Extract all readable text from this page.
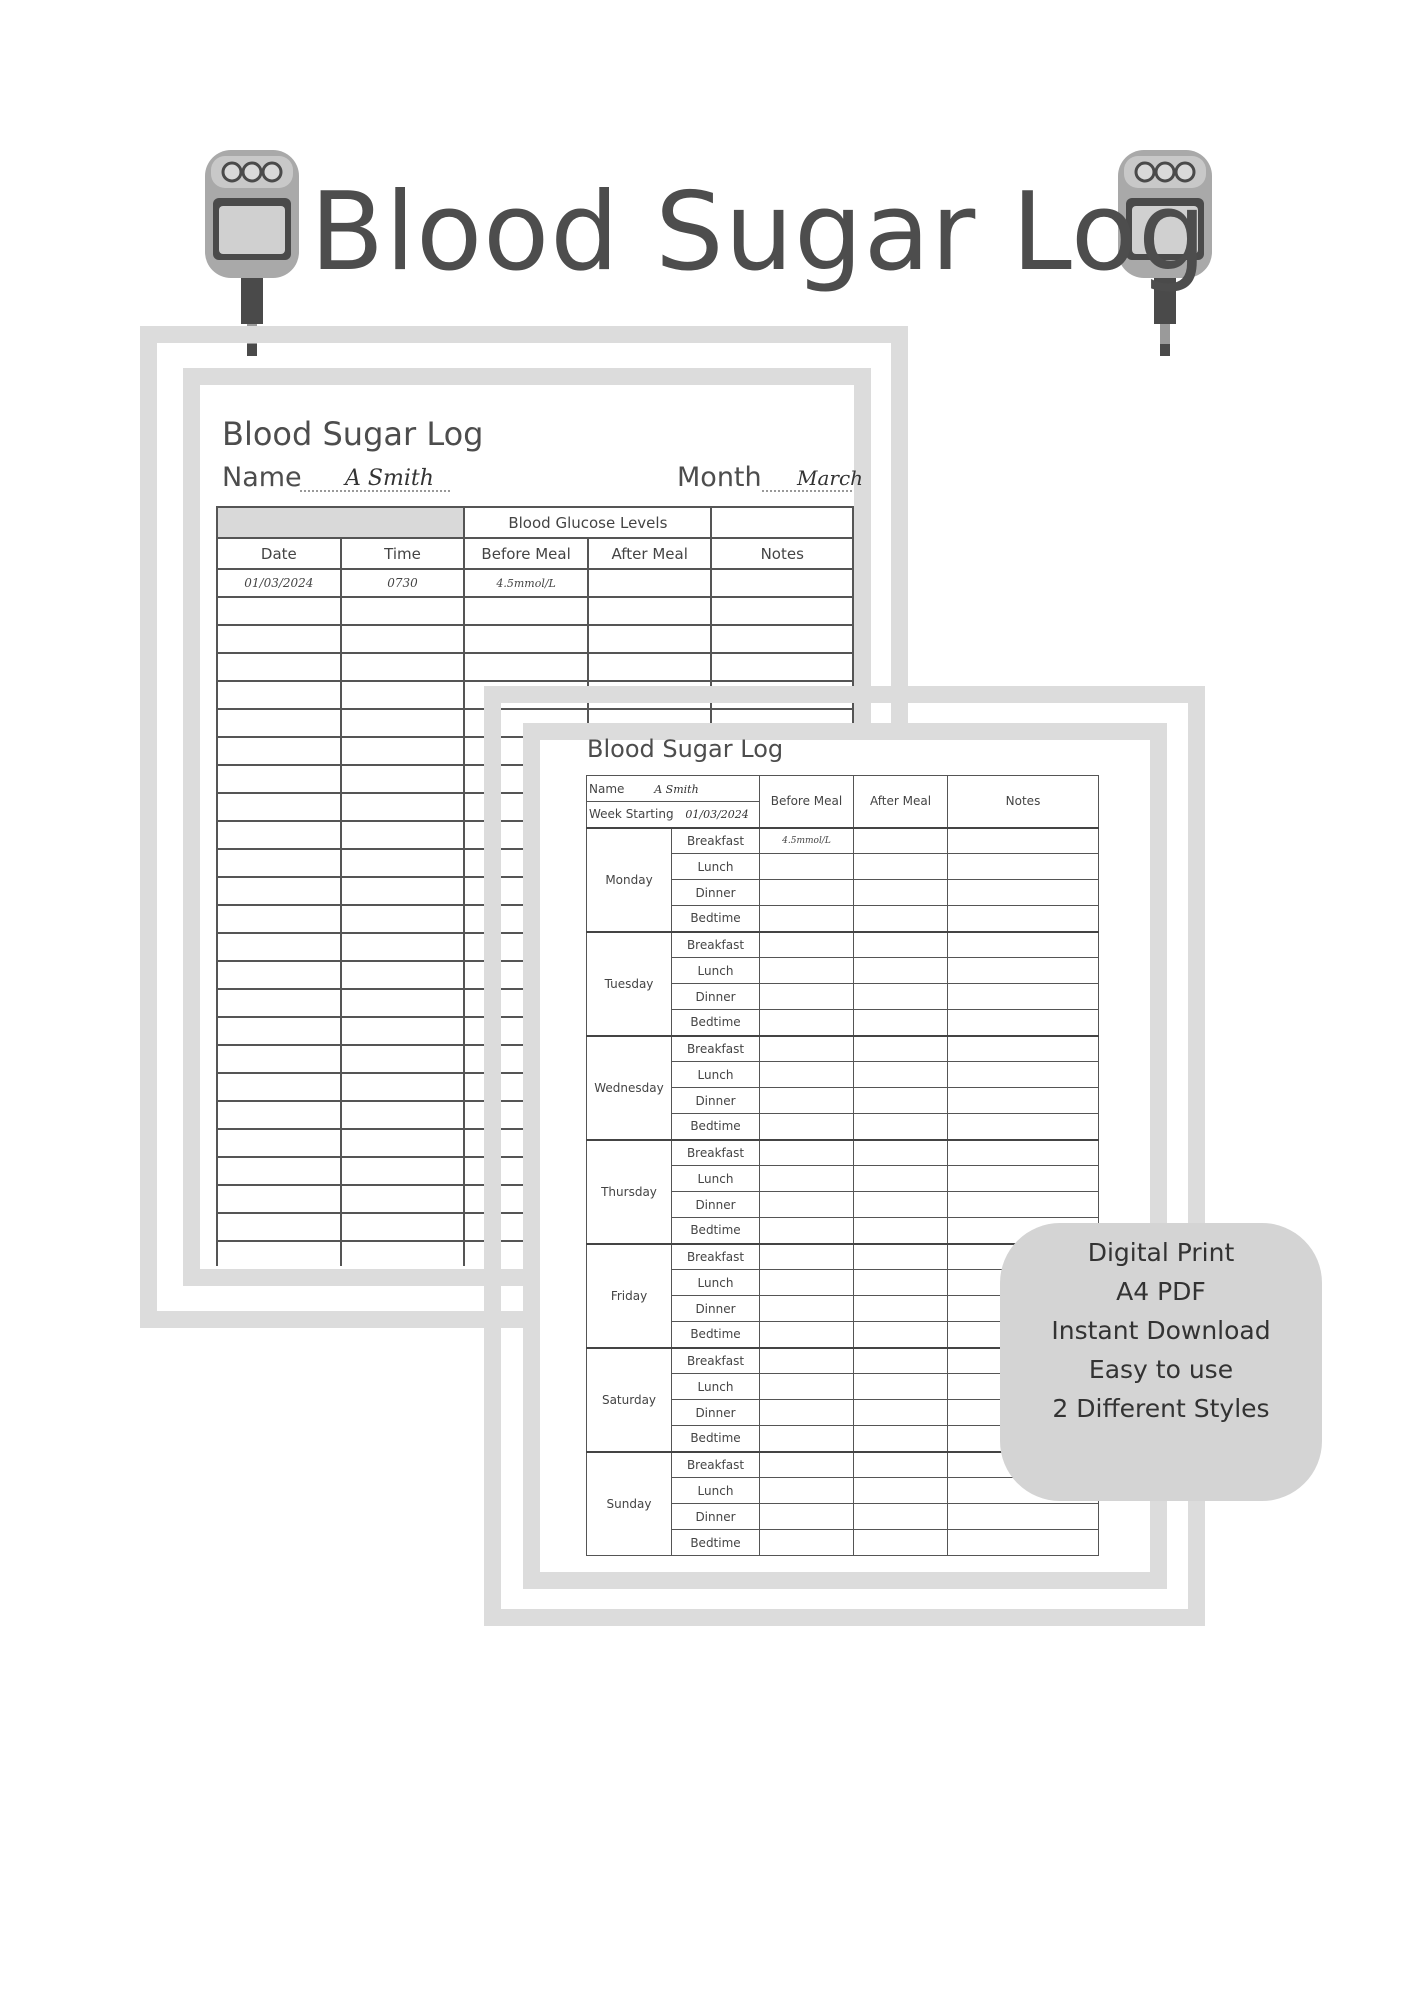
Blood Sugar Log
Blood Sugar Log
Name A Smith	Month March
		Blood Glucose Levels		
Date	Time	Before Meal	After Meal	Notes
01/03/2024	0730	4.5mmol/L		

Blood Sugar Log
Name A Smith		Before Meal	After Meal	Notes
Week Starting 01/03/2024				
Monday	Breakfast	4.5mmol/L		
	Lunch			
	Dinner			
	Bedtime			
Tuesday	Breakfast			
	Lunch			
	Dinner			
	Bedtime			
Wednesday	Breakfast			
	Lunch			
	Dinner			
	Bedtime			
Thursday	Breakfast			
	Lunch			
	Dinner			
	Bedtime			
Friday	Breakfast			
	Lunch			
	Dinner			
	Bedtime			
Saturday	Breakfast			
	Lunch			
	Dinner			
	Bedtime			
Sunday	Breakfast			
	Lunch			
	Dinner			
	Bedtime			
Digital Print
A4 PDF
Instant Download
Easy to use
2 Different Styles
